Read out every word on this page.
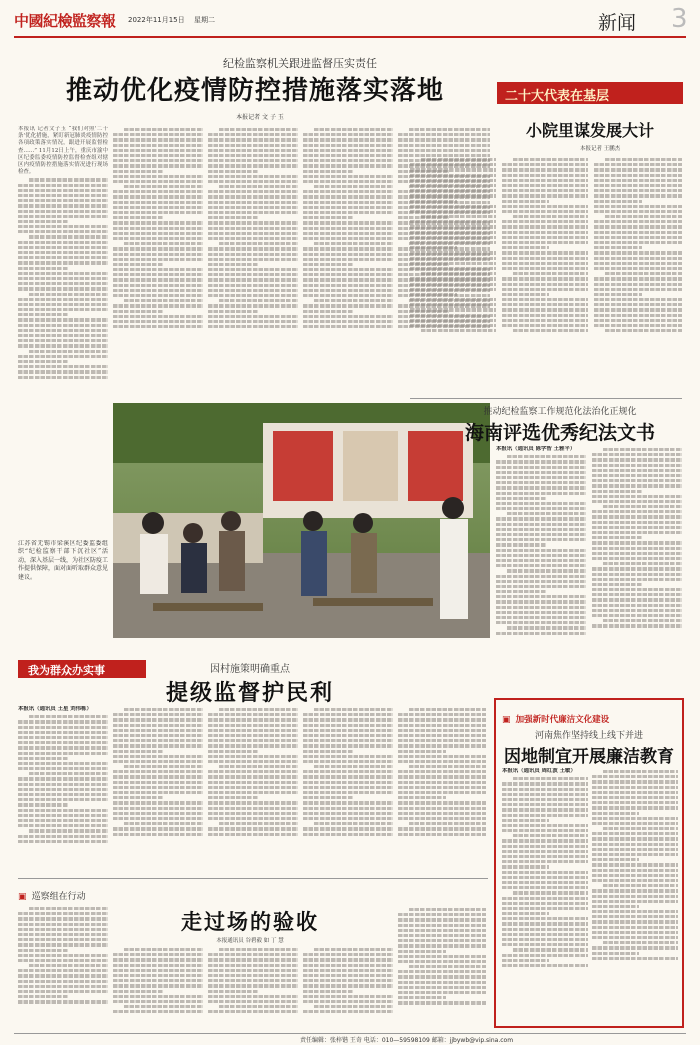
中國紀檢監察報 2022年11月15日 星期二	新闻 3
纪检监察机关跟进监督压实责任
推动优化疫情防控措施落实落地
本报记者 文 子 玉
本报讯 记者文子玉 “我们对照'二十条'优化措施，紧盯新冠肺炎疫情防控各项政策落实情况，跟进开展监督检查……” 11月12日上午，重庆市渝中区纪委监委疫情防控监督检查组对辖区内疫情防控措施落实情况进行现场检查。
江苏省无锡市梁溪区纪委监委组织“纪检监察干部下沉社区”活动，深入基层一线，为社区防疫工作提供保障，面对面听取群众意见建议。
二十大代表在基层
小院里谋发展大计
本报记者 王鹏杰
推动纪检监察工作规范化法治化正规化
海南评选优秀纪法文书
本报讯（通讯员 陈学智 王雅平）
我为群众办实事	因村施策明确重点
提级监督护民利
本报讯（通讯员 王星 刘伟栋）
▣ 巡察组在行动
走过场的验收
本报通讯员 谷碧毅 如 丁 慧
▣ 加强新时代廉洁文化建设
河南焦作坚持线上线下并进
因地制宜开展廉洁教育
本报讯（通讯员 周红波 王敏）
责任编辑：张梓锴 王奇 电话：010—59598109 邮箱：jjbywb@vip.sina.com
